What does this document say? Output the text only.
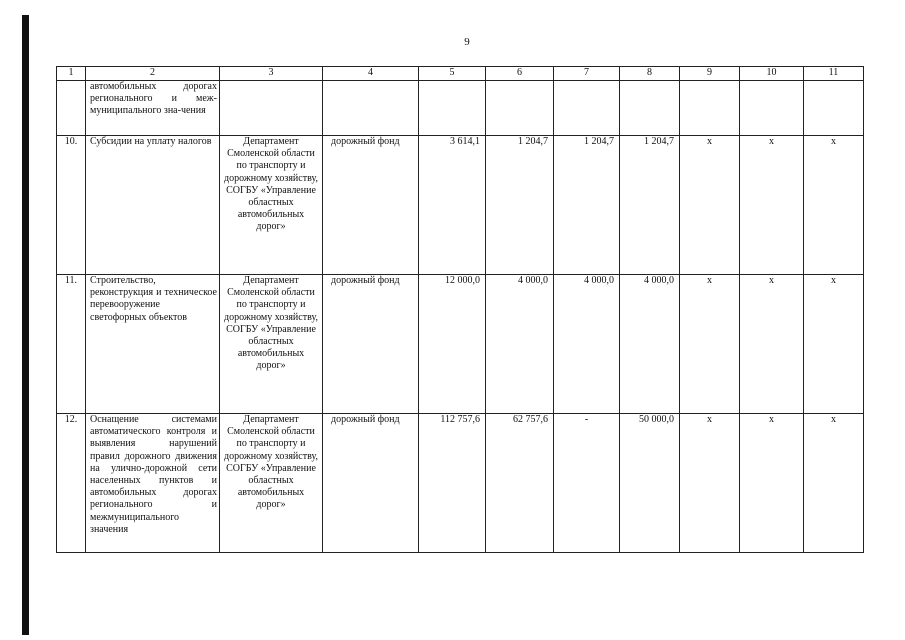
9
1	2	3	4	5	6	7	8	9	10	11
	автомобильных дорогах регионального и меж-муниципального зна-чения									
10.	Субсидии на уплату налогов	Департамент Смоленской области по транспорту и дорожному хозяйству, СОГБУ «Управление областных автомобильных дорог»	дорожный фонд	3 614,1	1 204,7	1 204,7	1 204,7	х	х	х
11.	Строительство, реконструкция и техническое перевооружение светофорных объектов	Департамент Смоленской области по транспорту и дорожному хозяйству, СОГБУ «Управление областных автомобильных дорог»	дорожный фонд	12 000,0	4 000,0	4 000,0	4 000,0	х	х	х
12.	Оснащение системами автоматического контроля и выявления нарушений правил дорожного движения на улично-дорожной сети населенных пунктов и автомобильных дорогах регионального и межмуниципального значения	Департамент Смоленской области по транспорту и дорожному хозяйству, СОГБУ «Управление областных автомобильных дорог»	дорожный фонд	112 757,6	62 757,6	-	50 000,0	х	х	х
